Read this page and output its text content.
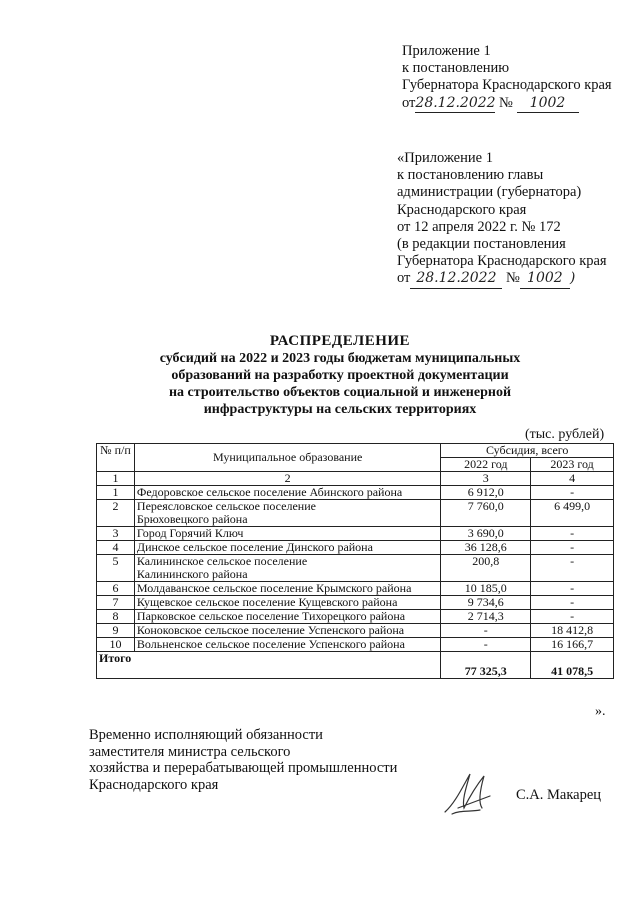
Приложение 1
к постановлению
Губернатора Краснодарского края
от28.12.2022 № 1002
«Приложение 1
к постановлению главы
администрации (губернатора)
Краснодарского края
от 12 апреля 2022 г. № 172
(в редакции постановления
Губернатора Краснодарского края
от 28.12.2022 № 1002 )
РАСПРЕДЕЛЕНИЕ
субсидий на 2022 и 2023 годы бюджетам муниципальных
образований на разработку проектной документации
на строительство объектов социальной и инженерной
инфраструктуры на сельских территориях
(тыс. рублей)
№ п/п	Муниципальное образование	Субсидия, всего	
		2022 год	2023 год
1	2	3	4
1	Федоровское сельское поселение Абинского района	6 912,0	-
2	Переясловское сельское поселение Брюховецкого района	7 760,0	6 499,0
3	Город Горячий Ключ	3 690,0	-
4	Динское сельское поселение Динского района	36 128,6	-
5	Калининское сельское поселение Калининского района	200,8	-
6	Молдаванское сельское поселение Крымского района	10 185,0	-
7	Кущевское сельское поселение Кущевского района	9 734,6	-
8	Парковское сельское поселение Тихорецкого района	2 714,3	-
9	Коноковское сельское поселение Успенского района	-	18 412,8
10	Вольненское сельское поселение Успенского района	-	16 166,7
Итого		77 325,3	41 078,5
».
Временно исполняющий обязанности
заместителя министра сельского
хозяйства и перерабатывающей промышленности
Краснодарского края
С.А. Макарец
